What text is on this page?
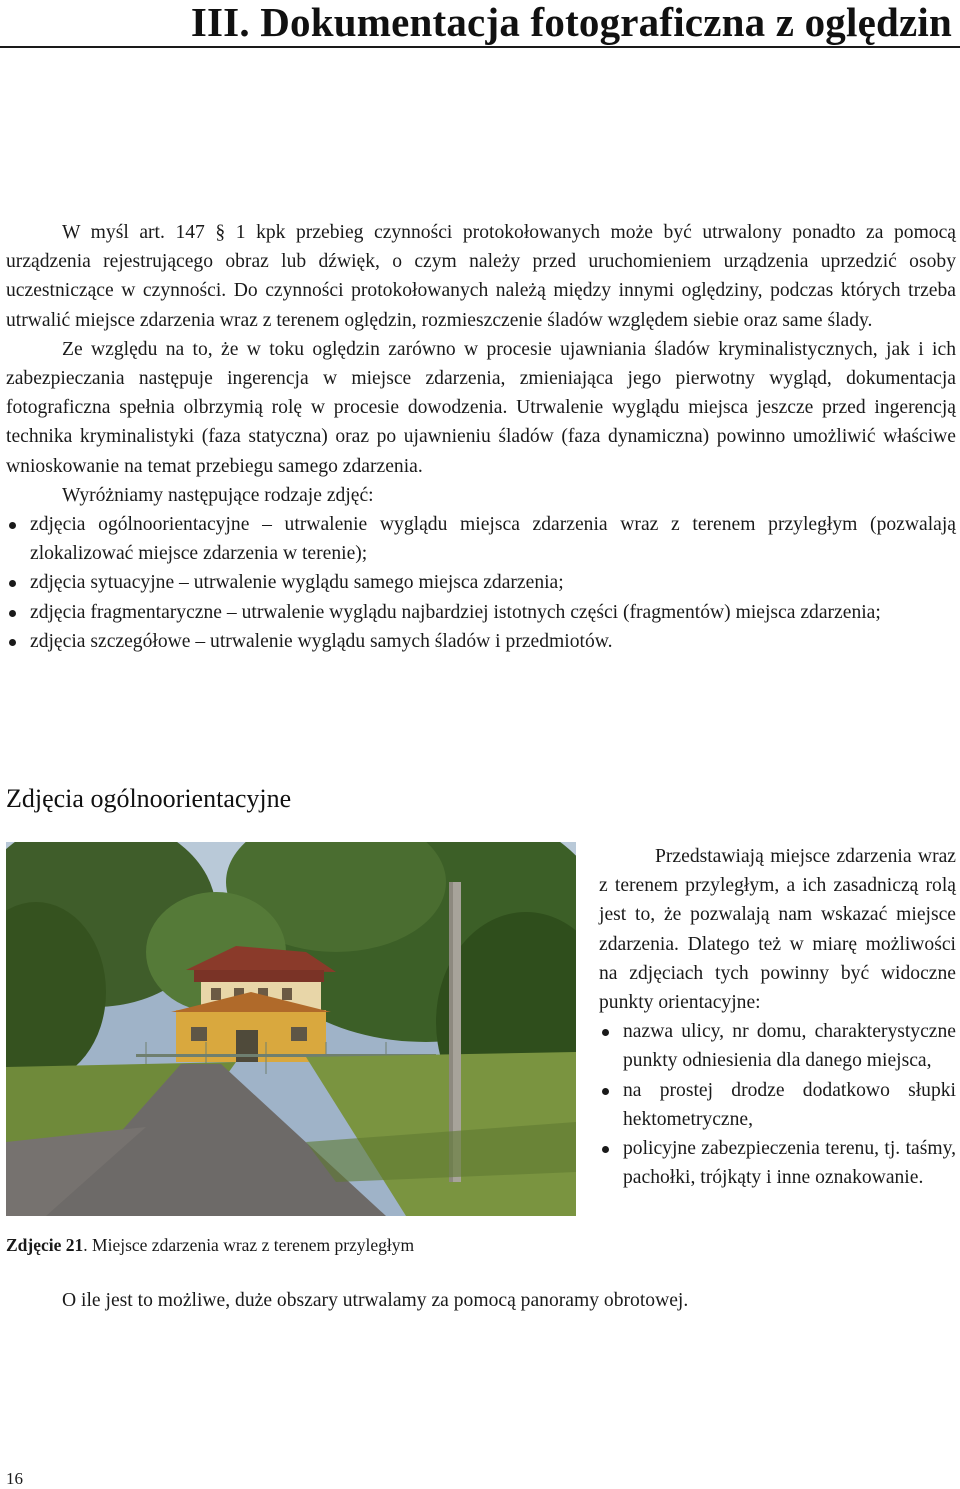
III. Dokumentacja fotograficzna z oględzin

W myśl art. 147 § 1 kpk przebieg czynności protokołowanych może być utrwalony ponadto za pomocą urządzenia rejestrującego obraz lub dźwięk, o czym należy przed uruchomieniem urządzenia uprzedzić osoby uczestniczące w czynności. Do czynności protokołowanych należą między innymi oględziny, podczas których trzeba utrwalić miejsce zdarzenia wraz z terenem oględzin, rozmieszczenie śladów względem siebie oraz same ślady.

Ze względu na to, że w toku oględzin zarówno w procesie ujawniania śladów kryminalistycznych, jak i ich zabezpieczania następuje ingerencja w miejsce zdarzenia, zmieniająca jego pierwotny wygląd, dokumentacja fotograficzna spełnia olbrzymią rolę w procesie dowodzenia. Utrwalenie wyglądu miejsca jeszcze przed ingerencją technika kryminalistyki (faza statyczna) oraz po ujawnieniu śladów (faza dynamiczna) powinno umożliwić właściwe wnioskowanie na temat przebiegu samego zdarzenia.

Wyróżniamy następujące rodzaje zdjęć:

zdjęcia ogólnoorientacyjne – utrwalenie wyglądu miejsca zdarzenia wraz z terenem przyległym (pozwalają zlokalizować miejsce zdarzenia w terenie);
zdjęcia sytuacyjne – utrwalenie wyglądu samego miejsca zdarzenia;
zdjęcia fragmentaryczne – utrwalenie wyglądu najbardziej istotnych części (fragmentów) miejsca zdarzenia;
zdjęcia szczegółowe – utrwalenie wyglądu samych śladów i przedmiotów.
Zdjęcia ogólnoorientacyjne
Zdjęcie 21. Miejsce zdarzenia wraz z terenem przyległym

Przedstawiają miejsce zdarzenia wraz z terenem przyległym, a ich zasadniczą rolą jest to, że pozwalają nam wskazać miejsce zdarzenia. Dlatego też w miarę możliwości na zdjęciach tych powinny być widoczne punkty orientacyjne:

nazwa ulicy, nr domu, charakterystyczne punkty odniesienia dla danego miejsca,
na prostej drodze dodatkowo słupki hektometryczne,
policyjne zabezpieczenia terenu, tj. taśmy, pachołki, trójkąty i inne oznakowanie.
O ile jest to możliwe, duże obszary utrwalamy za pomocą panoramy obrotowej.
16
